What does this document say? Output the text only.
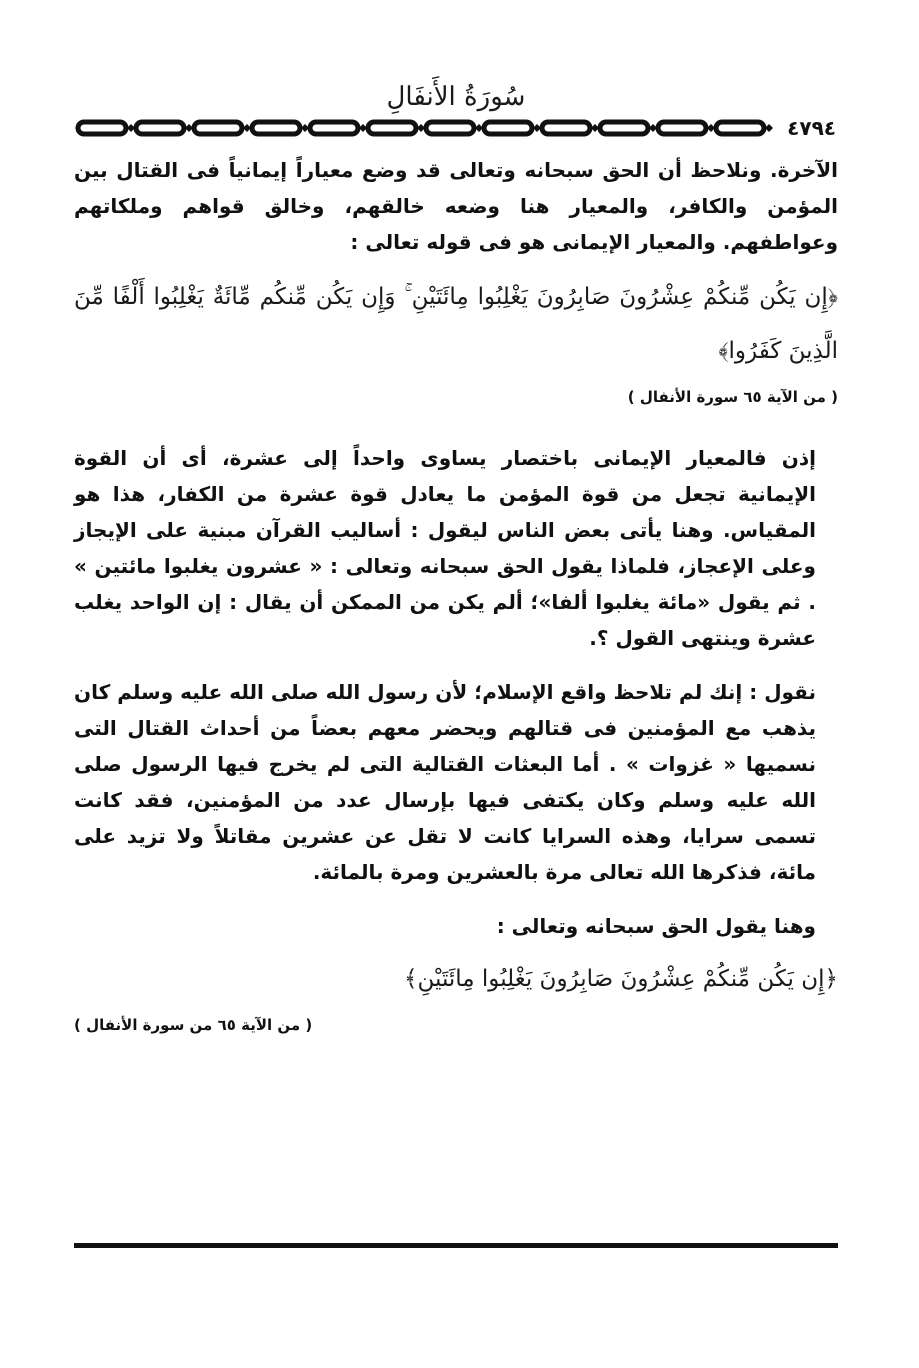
سُورَةُ الأَنفَالِ
٤٧٩٤

الآخرة. ونلاحظ أن الحق سبحانه وتعالى قد وضع معياراً إيمانياً فى القتال بين المؤمن والكافر، والمعيار هنا وضعه خالقهم، وخالق قواهم وملكاتهم وعواطفهم. والمعيار الإيمانى هو فى قوله تعالى :

﴿إِن يَكُن مِّنكُمْ عِشْرُونَ صَابِرُونَ يَغْلِبُوا مِائَتَيْنِ ۚ وَإِن يَكُن مِّنكُم مِّائَةٌ يَغْلِبُوا أَلْفًا مِّنَ الَّذِينَ كَفَرُوا﴾

( من الآية ٦٥ سورة الأنفال )

إذن فالمعيار الإيمانى باختصار يساوى واحداً إلى عشرة، أى أن القوة الإيمانية تجعل من قوة المؤمن ما يعادل قوة عشرة من الكفار، هذا هو المقياس. وهنا يأتى بعض الناس ليقول : أساليب القرآن مبنية على الإيجاز وعلى الإعجاز، فلماذا يقول الحق سبحانه وتعالى : « عشرون يغلبوا مائتين » . ثم يقول «مائة يغلبوا ألفا»؛ ألم يكن من الممكن أن يقال : إن الواحد يغلب عشرة وينتهى القول ؟.

نقول : إنك لم تلاحظ واقع الإسلام؛ لأن رسول الله صلى الله عليه وسلم كان يذهب مع المؤمنين فى قتالهم ويحضر معهم بعضاً من أحداث القتال التى نسميها « غزوات » . أما البعثات القتالية التى لم يخرج فيها الرسول صلى الله عليه وسلم وكان يكتفى فيها بإرسال عدد من المؤمنين، فقد كانت تسمى سرايا، وهذه السرايا كانت لا تقل عن عشرين مقاتلاً ولا تزيد على مائة، فذكرها الله تعالى مرة بالعشرين ومرة بالمائة.

وهنا يقول الحق سبحانه وتعالى :

﴿إِن يَكُن مِّنكُمْ عِشْرُونَ صَابِرُونَ يَغْلِبُوا مِائَتَيْنِ﴾

( من الآية ٦٥ من سورة الأنفال )
